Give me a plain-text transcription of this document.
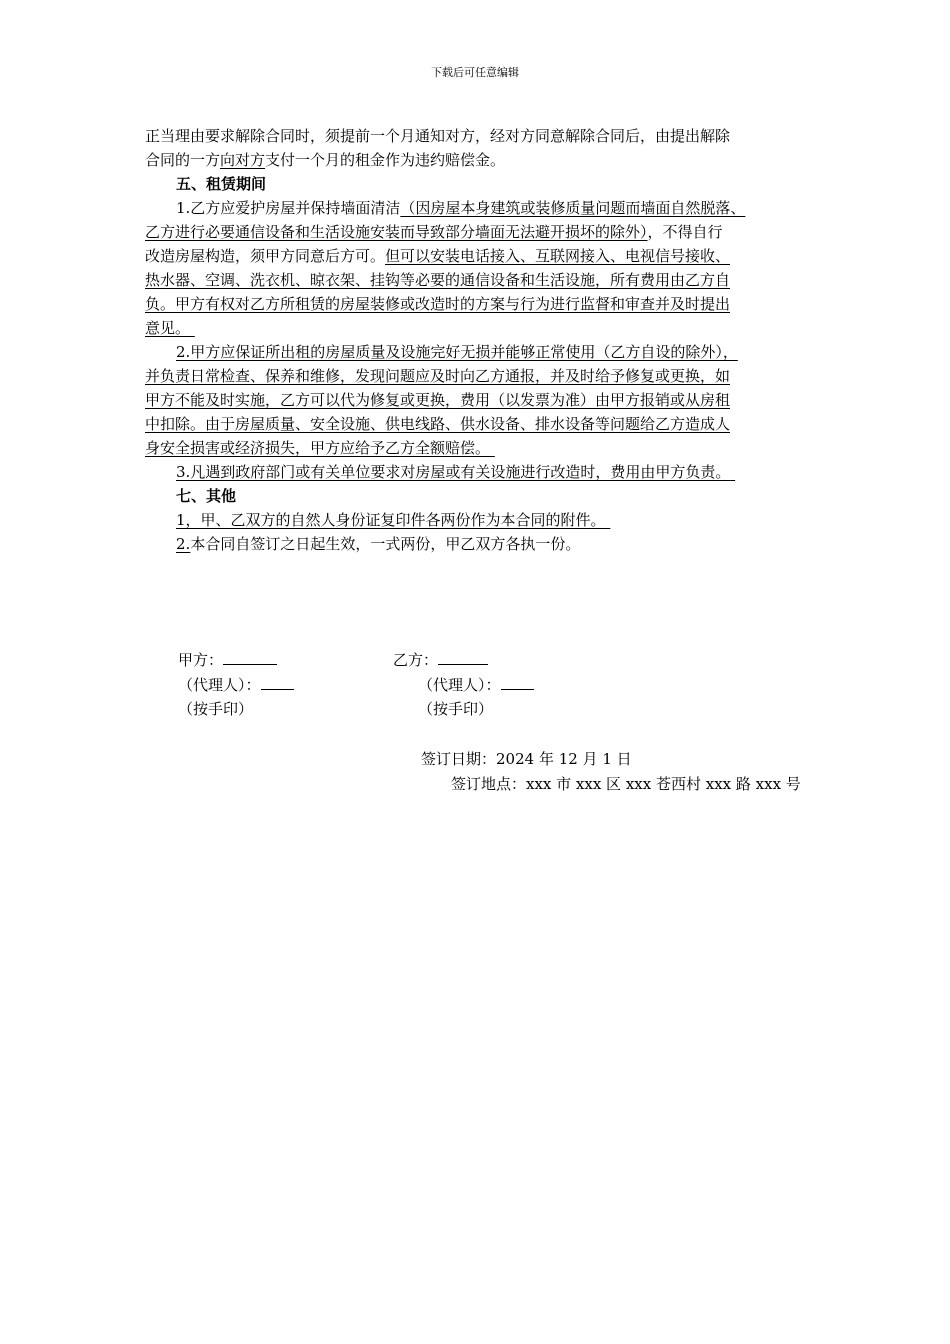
下载后可任意编辑
正当理由要求解除合同时，须提前一个月通知对方，经对方同意解除合同后，由提出解除
合同的一方向对方支付一个月的租金作为违约赔偿金。
五、租赁期间
1.乙方应爱护房屋并保持墙面清洁（因房屋本身建筑或装修质量问题而墙面自然脱落、
乙方进行必要通信设备和生活设施安装而导致部分墙面无法避开损坏的除外），不得自行
改造房屋构造，须甲方同意后方可。但可以安装电话接入、互联网接入、电视信号接收、
热水器、空调、洗衣机、晾衣架、挂钩等必要的通信设备和生活设施，所有费用由乙方自
负。甲方有权对乙方所租赁的房屋装修或改造时的方案与行为进行监督和审查并及时提出
意见。
2.甲方应保证所出租的房屋质量及设施完好无损并能够正常使用（乙方自设的除外），
并负责日常检查、保养和维修，发现问题应及时向乙方通报，并及时给予修复或更换，如
甲方不能及时实施，乙方可以代为修复或更换，费用（以发票为准）由甲方报销或从房租
中扣除。由于房屋质量、安全设施、供电线路、供水设备、排水设备等问题给乙方造成人
身安全损害或经济损失，甲方应给予乙方全额赔偿。
3.凡遇到政府部门或有关单位要求对房屋或有关设施进行改造时，费用由甲方负责。
七、其他
1，甲、乙双方的自然人身份证复印件各两份作为本合同的附件。
2.本合同自签订之日起生效，一式两份，甲乙双方各执一份。
甲方：	乙方：
（代理人）：	（代理人）：
（按手印）	（按手印）
签订日期：2024 年 12 月 1 日
签订地点：xxx 市 xxx 区 xxx 苍西村 xxx 路 xxx 号
